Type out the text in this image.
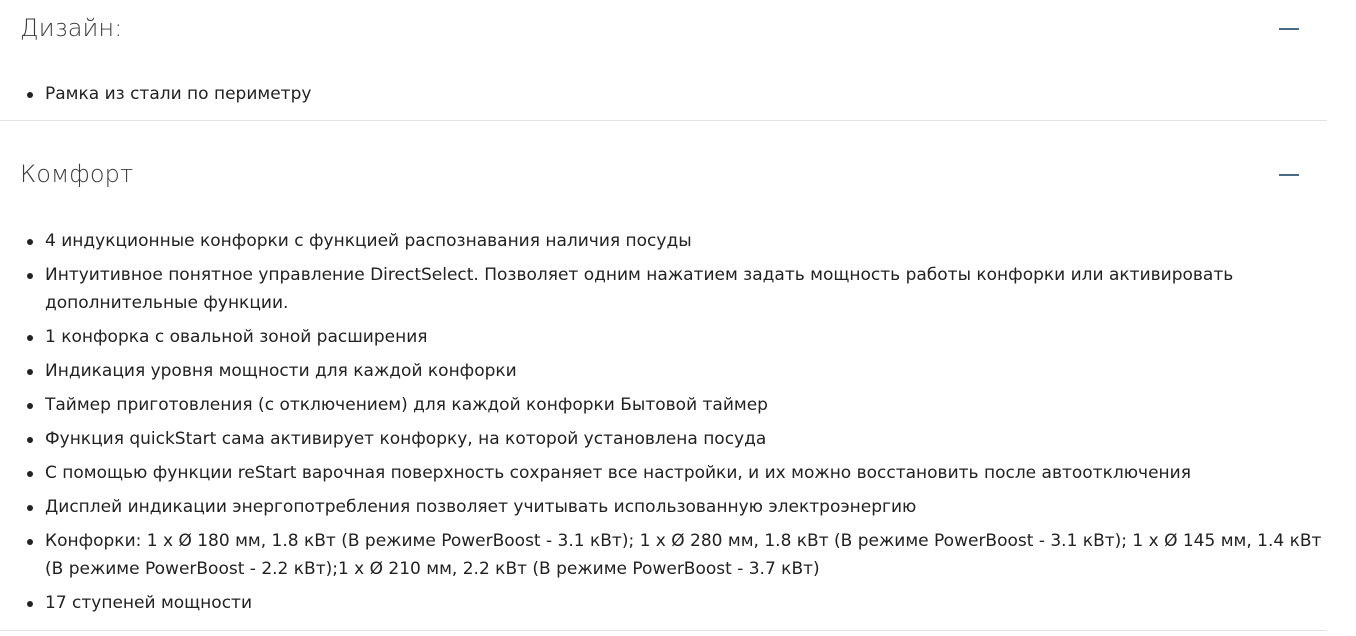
Дизайн:
Рамка из стали по периметру
Комфорт
4 индукционные конфорки с функцией распознавания наличия посуды
Интуитивное понятное управление DirectSelect. Позволяет одним нажатием задать мощность работы конфорки или активировать дополнительные функции.
1 конфорка с овальной зоной расширения
Индикация уровня мощности для каждой конфорки
Таймер приготовления (с отключением) для каждой конфорки Бытовой таймер
Функция quickStart сама активирует конфорку, на которой установлена посуда
С помощью функции reStart варочная поверхность сохраняет все настройки, и их можно восстановить после автоотключения
Дисплей индикации энергопотребления позволяет учитывать использованную электроэнергию
Конфорки: 1 x Ø 180 мм, 1.8 кВт (В режиме PowerBoost - 3.1 кВт); 1 x Ø 280 мм, 1.8 кВт (В режиме PowerBoost - 3.1 кВт); 1 x Ø 145 мм, 1.4 кВт (В режиме PowerBoost - 2.2 кВт);1 x Ø 210 мм, 2.2 кВт (В режиме PowerBoost - 3.7 кВт)
17 ступеней мощности
